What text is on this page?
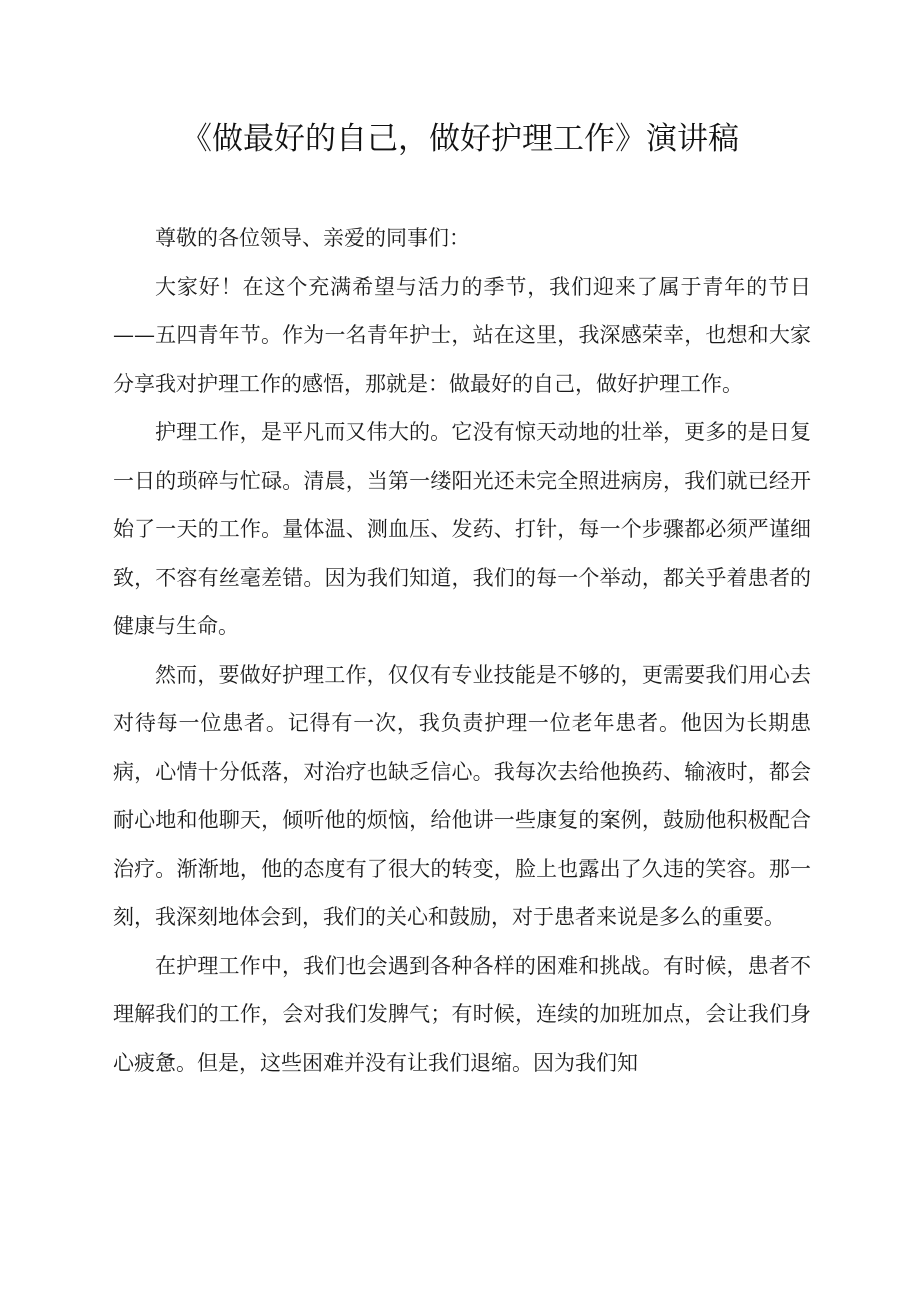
《做最好的自己，做好护理工作》演讲稿

尊敬的各位领导、亲爱的同事们：

大家好！在这个充满希望与活力的季节，我们迎来了属于青年的节日——五四青年节。作为一名青年护士，站在这里，我深感荣幸，也想和大家分享我对护理工作的感悟，那就是：做最好的自己，做好护理工作。

护理工作，是平凡而又伟大的。它没有惊天动地的壮举，更多的是日复一日的琐碎与忙碌。清晨，当第一缕阳光还未完全照进病房，我们就已经开始了一天的工作。量体温、测血压、发药、打针，每一个步骤都必须严谨细致，不容有丝毫差错。因为我们知道，我们的每一个举动，都关乎着患者的健康与生命。

然而，要做好护理工作，仅仅有专业技能是不够的，更需要我们用心去对待每一位患者。记得有一次，我负责护理一位老年患者。他因为长期患病，心情十分低落，对治疗也缺乏信心。我每次去给他换药、输液时，都会耐心地和他聊天，倾听他的烦恼，给他讲一些康复的案例，鼓励他积极配合治疗。渐渐地，他的态度有了很大的转变，脸上也露出了久违的笑容。那一刻，我深刻地体会到，我们的关心和鼓励，对于患者来说是多么的重要。

在护理工作中，我们也会遇到各种各样的困难和挑战。有时候，患者不理解我们的工作，会对我们发脾气；有时候，连续的加班加点，会让我们身心疲惫。但是，这些困难并没有让我们退缩。因为我们知
